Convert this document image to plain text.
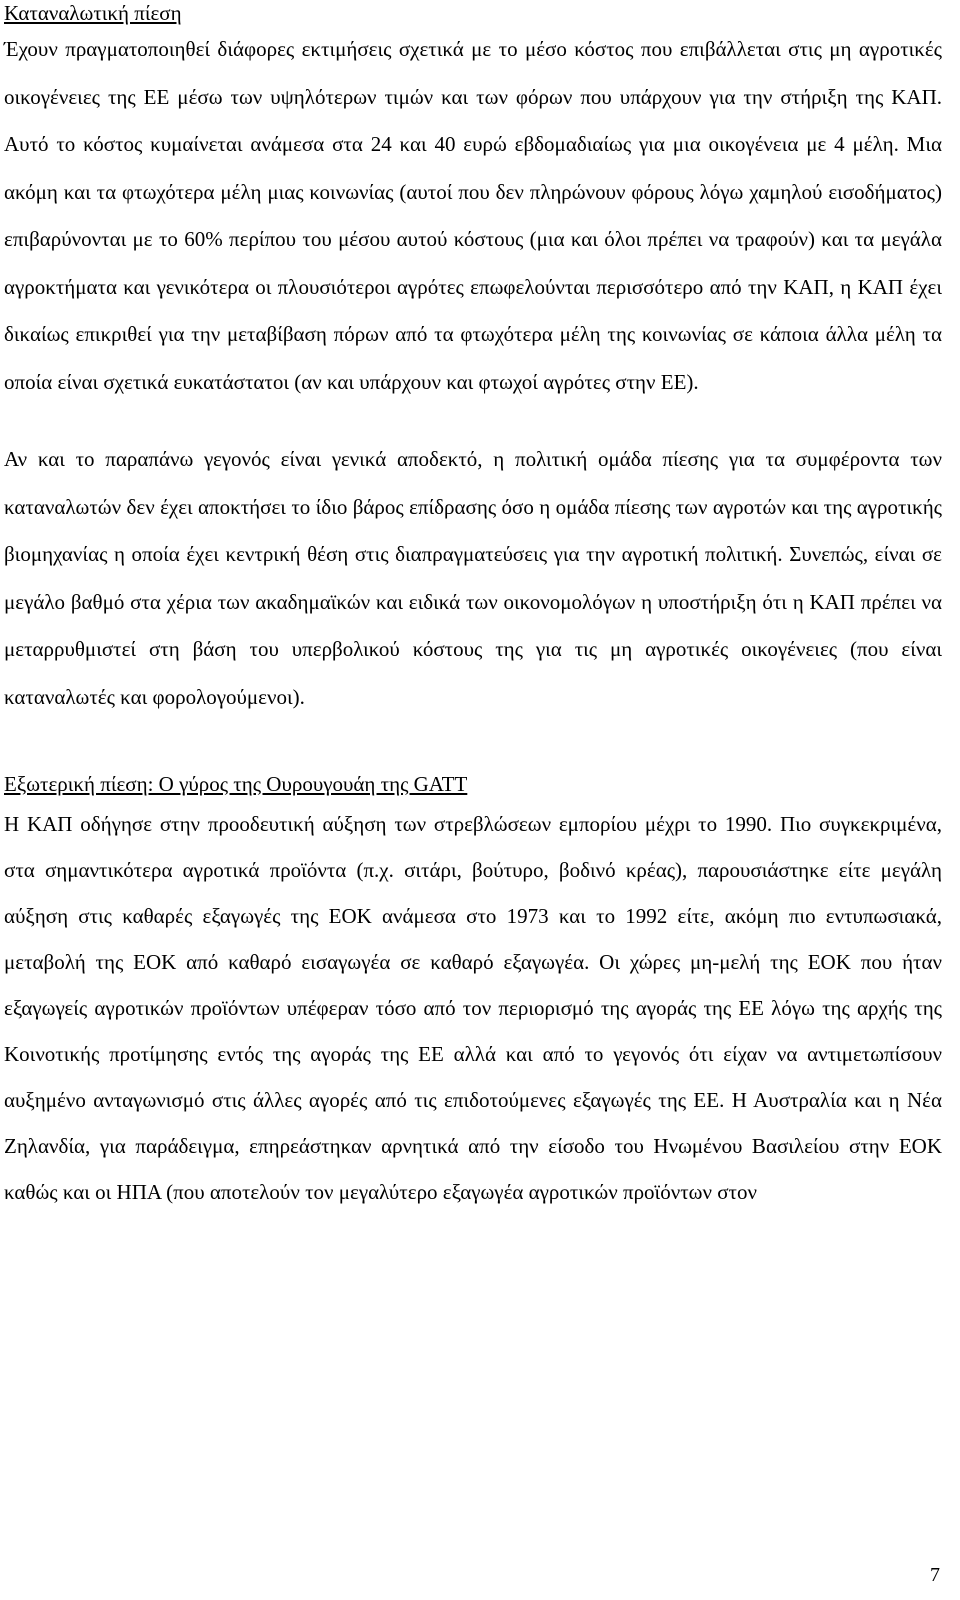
Καταναλωτική πίεση

Έχουν πραγματοποιηθεί διάφορες εκτιμήσεις σχετικά με το μέσο κόστος που επιβάλλεται στις μη αγροτικές οικογένειες της ΕΕ μέσω των υψηλότερων τιμών και των φόρων που υπάρχουν για την στήριξη της ΚΑΠ. Αυτό το κόστος κυμαίνεται ανάμεσα στα 24 και 40 ευρώ εβδομαδιαίως για μια οικογένεια με 4 μέλη. Μια ακόμη και τα φτωχότερα μέλη μιας κοινωνίας (αυτοί που δεν πληρώνουν φόρους λόγω χαμηλού εισοδήματος) επιβαρύνονται με το 60% περίπου του μέσου αυτού κόστους (μια και όλοι πρέπει να τραφούν) και τα μεγάλα αγροκτήματα και γενικότερα οι πλουσιότεροι αγρότες επωφελούνται περισσότερο από την ΚΑΠ, η ΚΑΠ έχει δικαίως επικριθεί για την μεταβίβαση πόρων από τα φτωχότερα μέλη της κοινωνίας σε κάποια άλλα μέλη τα οποία είναι σχετικά ευκατάστατοι (αν και υπάρχουν και φτωχοί αγρότες στην ΕΕ).

Αν και το παραπάνω γεγονός είναι γενικά αποδεκτό, η πολιτική ομάδα πίεσης για τα συμφέροντα των καταναλωτών δεν έχει αποκτήσει το ίδιο βάρος επίδρασης όσο η ομάδα πίεσης των αγροτών και της αγροτικής βιομηχανίας η οποία έχει κεντρική θέση στις διαπραγματεύσεις για την αγροτική πολιτική. Συνεπώς, είναι σε μεγάλο βαθμό στα χέρια των ακαδημαϊκών και ειδικά των οικονομολόγων η υποστήριξη ότι η ΚΑΠ πρέπει να μεταρρυθμιστεί στη βάση του υπερβολικού κόστους της για τις μη αγροτικές οικογένειες (που είναι καταναλωτές και φορολογούμενοι).

Εξωτερική πίεση: Ο γύρος της Ουρουγουάη της GATT

Η ΚΑΠ οδήγησε στην προοδευτική αύξηση των στρεβλώσεων εμπορίου μέχρι το 1990. Πιο συγκεκριμένα, στα σημαντικότερα αγροτικά προϊόντα (π.χ. σιτάρι, βούτυρο, βοδινό κρέας), παρουσιάστηκε είτε μεγάλη αύξηση στις καθαρές εξαγωγές της ΕΟΚ ανάμεσα στο 1973 και το 1992 είτε, ακόμη πιο εντυπωσιακά, μεταβολή της ΕΟΚ από καθαρό εισαγωγέα σε καθαρό εξαγωγέα. Οι χώρες μη-μελή της ΕΟΚ που ήταν εξαγωγείς αγροτικών προϊόντων υπέφεραν τόσο από τον περιορισμό της αγοράς της ΕΕ λόγω της αρχής της Κοινοτικής προτίμησης εντός της αγοράς της ΕΕ αλλά και από το γεγονός ότι είχαν να αντιμετωπίσουν αυξημένο ανταγωνισμό στις άλλες αγορές από τις επιδοτούμενες εξαγωγές της ΕΕ. Η Αυστραλία και η Νέα Ζηλανδία, για παράδειγμα, επηρεάστηκαν αρνητικά από την είσοδο του Ηνωμένου Βασιλείου στην ΕΟΚ καθώς και οι ΗΠΑ (που αποτελούν τον μεγαλύτερο εξαγωγέα αγροτικών προϊόντων στον

7
